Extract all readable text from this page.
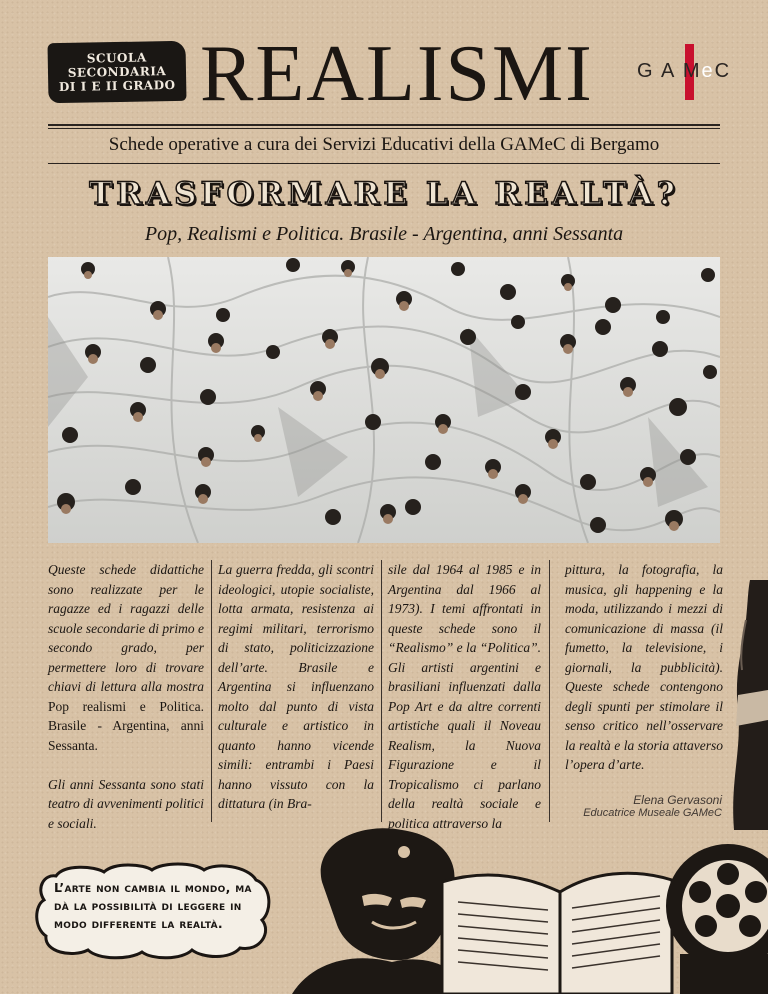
SCUOLA
SECONDARIA
DI I E II GRADO REALISMI G A MeC
Schede operative a cura dei Servizi Educativi della GAMeC di Bergamo
TRASFORMARE LA REALTÀ?
Pop, Realismi e Politica. Brasile - Argentina, anni Sessanta

Queste schede didattiche sono realizzate per le ragazze ed i ragazzi delle scuole secondarie di primo e secondo grado, per permettere loro di trovare chiavi di lettura alla mostra Pop realismi e Politica. Brasile - Argentina, anni Sessanta.

Gli anni Sessanta sono stati teatro di avvenimenti politici e sociali.

La guerra fredda, gli scontri ideologici, utopie socialiste, lotta armata, resistenza ai regimi militari, terrorismo di stato, politicizzazione dell’arte. Brasile e Argentina si influenzano molto dal punto di vista culturale e artistico in quanto hanno vicende simili: entrambi i Paesi hanno vissuto con la dittatura (in Bra-

sile dal 1964 al 1985 e in Argentina dal 1966 al 1973). I temi affrontati in queste schede sono il “Realismo” e la “Politica”. Gli artisti argentini e brasiliani influenzati dalla Pop Art e da altre correnti artistiche quali il Noveau Realism, la Nuova Figurazione e il Tropicalismo ci parlano della realtà sociale e politica attraverso la

pittura, la fotografia, la musica, gli happening e la moda, utilizzando i mezzi di comunicazione di massa (il fumetto, la televisione, i giornali, la pubblicità). Queste schede contengono degli spunti per stimolare il senso critico nell’osservare la realtà e la storia attaverso l’opera d’arte.

Elena Gervasoni
Educatrice Museale GAMeC
L’arte non cambia il mondo, ma dà la possibilità di leggere in modo differente la realtà.
